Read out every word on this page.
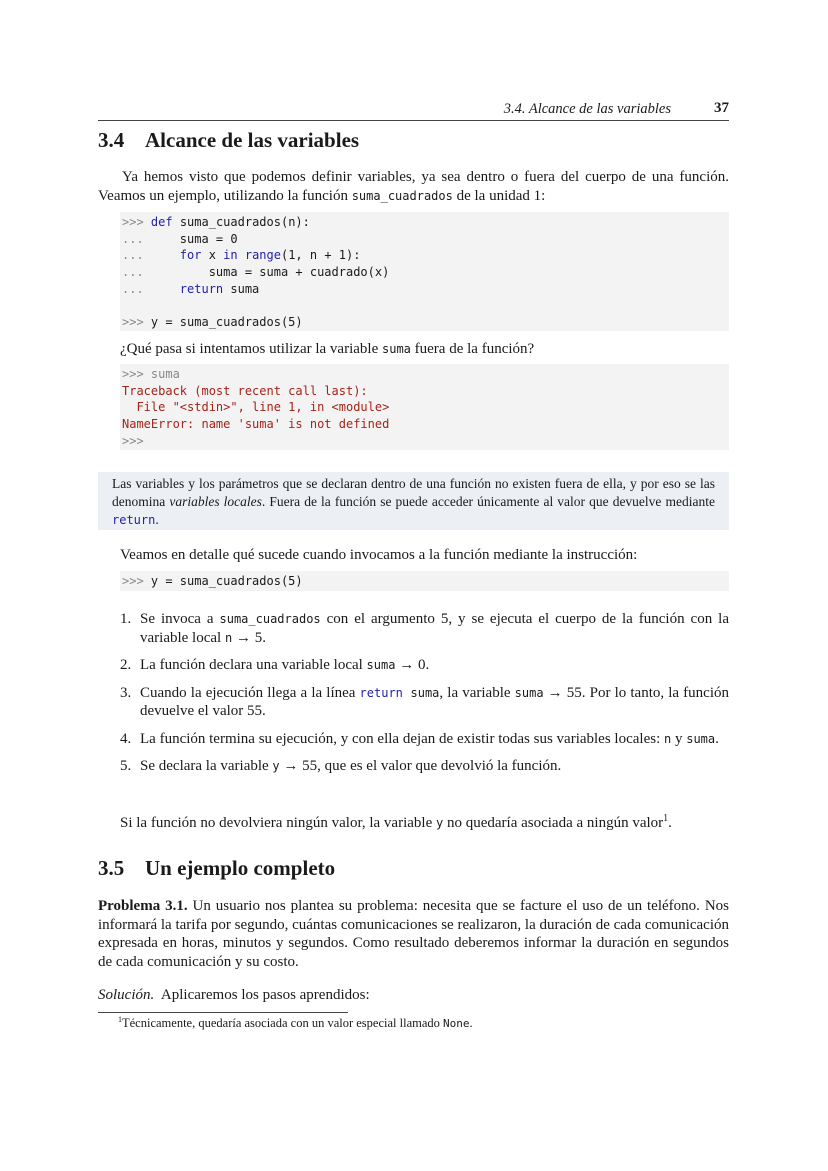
3.4. Alcance de las variables	37
3.4 Alcance de las variables
Ya hemos visto que podemos definir variables, ya sea dentro o fuera del cuerpo de una función. Veamos un ejemplo, utilizando la función suma_cuadrados de la unidad 1:
>>> def suma_cuadrados(n):
...     suma = 0
...     for x in range(1, n + 1):
...         suma = suma + cuadrado(x)
...     return suma
>>> y = suma_cuadrados(5)
¿Qué pasa si intentamos utilizar la variable suma fuera de la función?
>>> suma
Traceback (most recent call last):
File "<stdin>", line 1, in <module>
NameError: name 'suma' is not defined
>>>
Las variables y los parámetros que se declaran dentro de una función no existen fuera de ella, y por eso se las denomina variables locales. Fuera de la función se puede acceder únicamente al valor que devuelve mediante return.
Veamos en detalle qué sucede cuando invocamos a la función mediante la instrucción:
>>> y = suma_cuadrados(5)
1. Se invoca a suma_cuadrados con el argumento 5, y se ejecuta el cuerpo de la función con la variable local n → 5.
2. La función declara una variable local suma → 0.
3. Cuando la ejecución llega a la línea return suma, la variable suma → 55. Por lo tanto, la función devuelve el valor 55.
4. La función termina su ejecución, y con ella dejan de existir todas sus variables locales: n y suma.
5. Se declara la variable y → 55, que es el valor que devolvió la función.
Si la función no devolviera ningún valor, la variable y no quedaría asociada a ningún valor$^1$.
3.5 Un ejemplo completo
Problema 3.1. Un usuario nos plantea su problema: necesita que se facture el uso de un teléfono. Nos informará la tarifa por segundo, cuántas comunicaciones se realizaron, la duración de cada comunicación expresada en horas, minutos y segundos. Como resultado deberemos informar la duración en segundos de cada comunicación y su costo.
Solución.  Aplicaremos los pasos aprendidos:
$^1$Técnicamente, quedaría asociada con un valor especial llamado None.
